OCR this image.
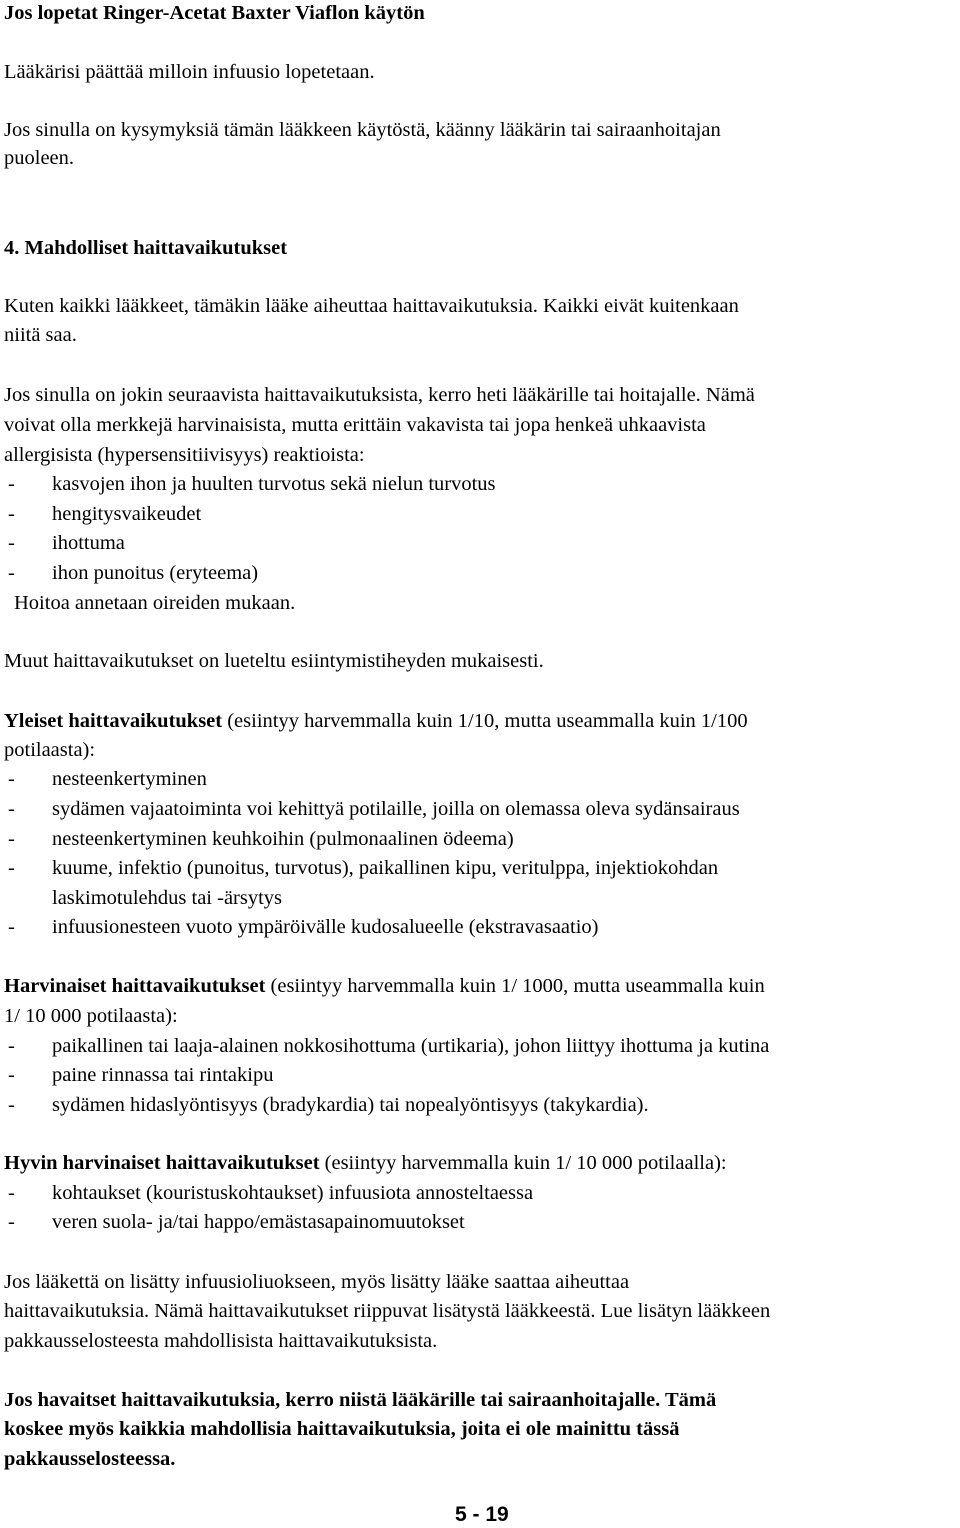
Jos lopetat Ringer-Acetat Baxter Viaflon käytön
Lääkärisi päättää milloin infuusio lopetetaan.
Jos sinulla on kysymyksiä tämän lääkkeen käytöstä, käänny lääkärin tai sairaanhoitajan
puoleen.
4. Mahdolliset haittavaikutukset
Kuten kaikki lääkkeet, tämäkin lääke aiheuttaa haittavaikutuksia. Kaikki eivät kuitenkaan
niitä saa.
Jos sinulla on jokin seuraavista haittavaikutuksista, kerro heti lääkärille tai hoitajalle. Nämä
voivat olla merkkejä harvinaisista, mutta erittäin vakavista tai jopa henkeä uhkaavista
allergisista (hypersensitiivisyys) reaktioista:
- kasvojen ihon ja huulten turvotus sekä nielun turvotus
- hengitysvaikeudet
- ihottuma
- ihon punoitus (eryteema)
Hoitoa annetaan oireiden mukaan.
Muut haittavaikutukset on lueteltu esiintymistiheyden mukaisesti.
Yleiset haittavaikutukset (esiintyy harvemmalla kuin 1/10, mutta useammalla kuin 1/100
potilaasta):
- nesteenkertyminen
- sydämen vajaatoiminta voi kehittyä potilaille, joilla on olemassa oleva sydänsairaus
- nesteenkertyminen keuhkoihin (pulmonaalinen ödeema)
- kuume, infektio (punoitus, turvotus), paikallinen kipu, veritulppa, injektiokohdan
laskimotulehdus tai -ärsytys
- infuusionesteen vuoto ympäröivälle kudosalueelle (ekstravasaatio)
Harvinaiset haittavaikutukset (esiintyy harvemmalla kuin 1/ 1000, mutta useammalla kuin
1/ 10 000 potilaasta):
- paikallinen tai laaja-alainen nokkosihottuma (urtikaria), johon liittyy ihottuma ja kutina
- paine rinnassa tai rintakipu
- sydämen hidaslyöntisyys (bradykardia) tai nopealyöntisyys (takykardia).
Hyvin harvinaiset haittavaikutukset (esiintyy harvemmalla kuin 1/ 10 000 potilaalla):
- kohtaukset (kouristuskohtaukset) infuusiota annosteltaessa
- veren suola- ja/tai happo/emästasapainomuutokset
Jos lääkettä on lisätty infuusioliuokseen, myös lisätty lääke saattaa aiheuttaa
haittavaikutuksia. Nämä haittavaikutukset riippuvat lisätystä lääkkeestä. Lue lisätyn lääkkeen
pakkausselosteesta mahdollisista haittavaikutuksista.
Jos havaitset haittavaikutuksia, kerro niistä lääkärille tai sairaanhoitajalle. Tämä
koskee myös kaikkia mahdollisia haittavaikutuksia, joita ei ole mainittu tässä
pakkausselosteessa.
5 - 19
